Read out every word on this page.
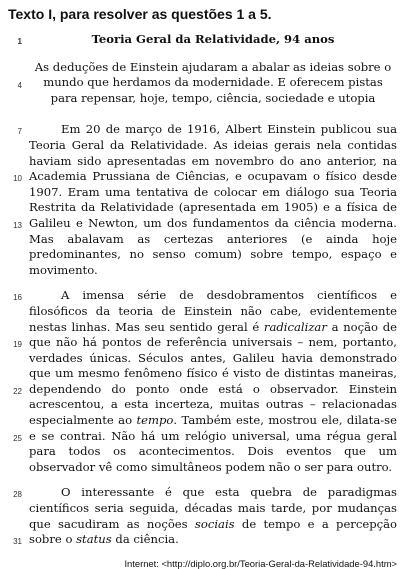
Texto I, para resolver as questões 1 a 5.
1	Teoria Geral da Relatividade, 94 anos
4
As deduções de Einstein ajudaram a abalar as ideias sobre o mundo que herdamos da modernidade. E oferecem pistas para repensar, hoje, tempo, ciência, sociedade e utopia
7
10
13
Em 20 de março de 1916, Albert Einstein publicou sua Teoria Geral da Relatividade. As ideias gerais nela contidas haviam sido apresentadas em novembro do ano anterior, na Academia Prussiana de Ciências, e ocupavam o físico desde 1907. Eram uma tentativa de colocar em diálogo sua Teoria Restrita da Relatividade (apresentada em 1905) e a física de Galileu e Newton, um dos fundamentos da ciência moderna. Mas abalavam as certezas anteriores (e ainda hoje predominantes, no senso comum) sobre tempo, espaço e movimento.
16
19
22
25
A imensa série de desdobramentos científicos e filosóficos da teoria de Einstein não cabe, evidentemente nestas linhas. Mas seu sentido geral é radicalizar a noção de que não há pontos de referência universais – nem, portanto, verdades únicas. Séculos antes, Galileu havia demonstrado que um mesmo fenômeno físico é visto de distintas maneiras, dependendo do ponto onde está o observador. Einstein acrescentou, a esta incerteza, muitas outras – relacionadas especialmente ao tempo. Também este, mostrou ele, dilata-se e se contrai. Não há um relógio universal, uma régua geral para todos os acontecimentos. Dois eventos que um observador vê como simultâneos podem não o ser para outro.
28
31
O interessante é que esta quebra de paradigmas científicos seria seguida, décadas mais tarde, por mudanças que sacudiram as noções sociais de tempo e a percepção sobre o status da ciência.
Internet: <http://diplo.org.br/Teoria-Geral-da-Relatividade-94.htm>
